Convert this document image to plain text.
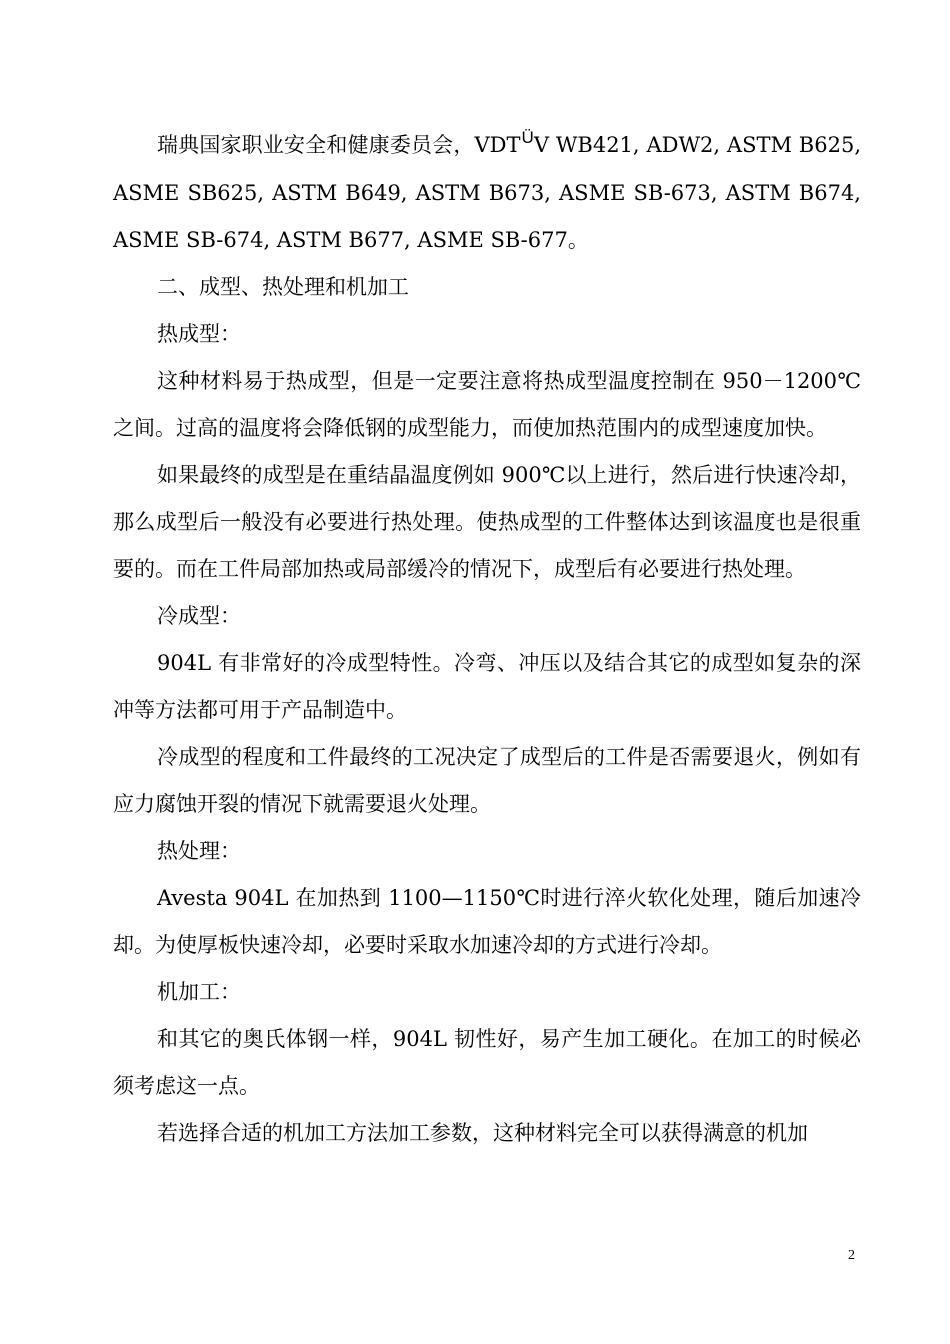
瑞典国家职业安全和健康委员会，$VDT^ÜV$ WB421, ADW2, ASTM B625, ASME SB625, ASTM B649, ASTM B673, ASME SB-673, ASTM B674, ASME SB-674, ASTM B677, ASME SB-677。

二、成型、热处理和机加工

热成型：

这种材料易于热成型，但是一定要注意将热成型温度控制在 950－1200℃之间。过高的温度将会降低钢的成型能力，而使加热范围内的成型速度加快。

如果最终的成型是在重结晶温度例如 900℃以上进行，然后进行快速冷却，那么成型后一般没有必要进行热处理。使热成型的工件整体达到该温度也是很重要的。而在工件局部加热或局部缓冷的情况下，成型后有必要进行热处理。

冷成型：

904L 有非常好的冷成型特性。冷弯、冲压以及结合其它的成型如复杂的深冲等方法都可用于产品制造中。

冷成型的程度和工件最终的工况决定了成型后的工件是否需要退火，例如有应力腐蚀开裂的情况下就需要退火处理。

热处理：

Avesta 904L 在加热到 1100—1150℃时进行淬火软化处理，随后加速冷却。为使厚板快速冷却，必要时采取水加速冷却的方式进行冷却。

机加工：

和其它的奥氏体钢一样，904L 韧性好，易产生加工硬化。在加工的时候必须考虑这一点。

若选择合适的机加工方法加工参数，这种材料完全可以获得满意的机加

2
